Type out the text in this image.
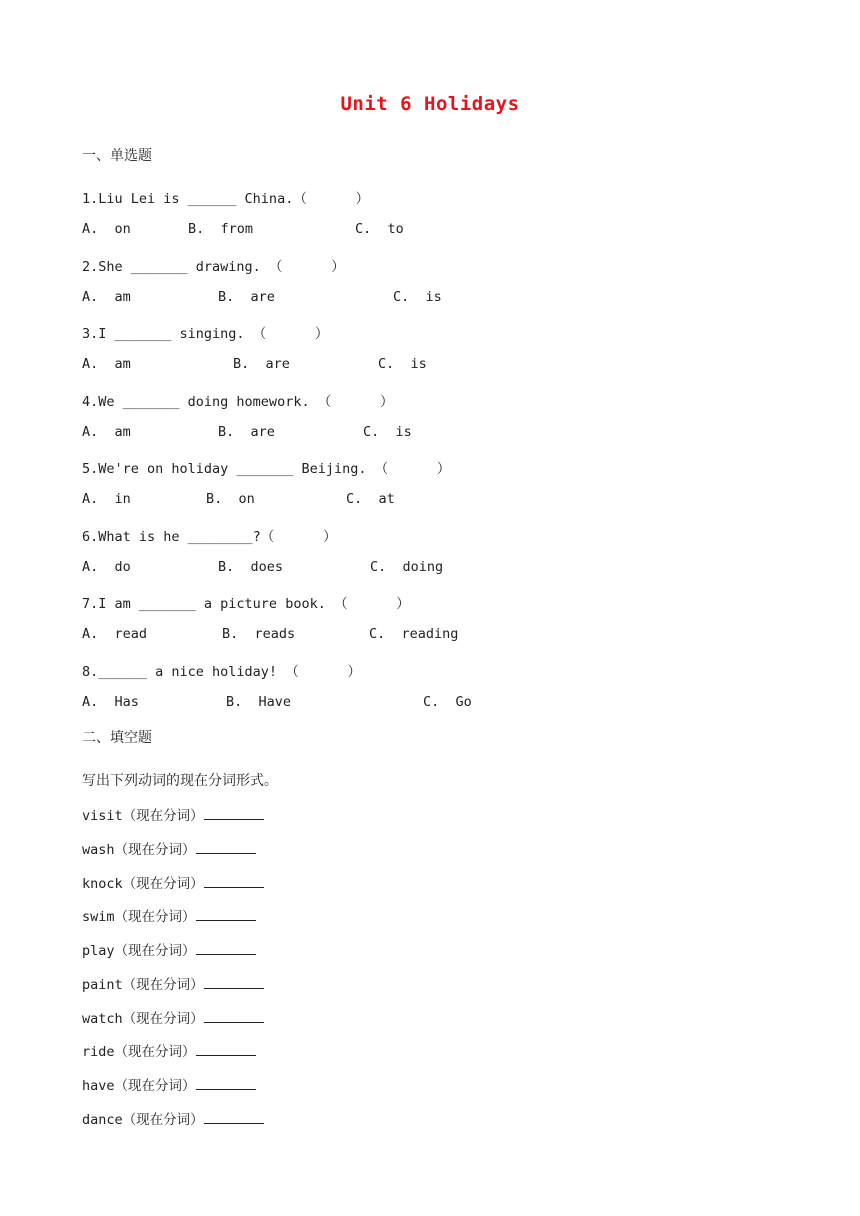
Unit 6 Holidays
一、单选题
1.Liu Lei is ______ China.（      ）
2.She _______ drawing. （      ）
3.I _______ singing. （      ）
4.We _______ doing homework. （      ）
5.We're on holiday _______ Beijing. （      ）
6.What is he ________?（      ）
7.I am _______ a picture book. （      ）
8.______ a nice holiday! （      ）
A.  on	B.  from	C.  to
A.  am	B.  are	C.  is
A.  am	B.  are	C.  is
A.  am	B.  are	C.  is
A.  in	B.  on	C.  at
A.  do	B.  does	C.  doing
A.  read	B.  reads	C.  reading
A.  Has	B.  Have	C.  Go
二、填空题
写出下列动词的现在分词形式。
visit（现在分词）
wash（现在分词）
knock（现在分词）
swim（现在分词）
play（现在分词）
paint（现在分词）
watch（现在分词）
ride（现在分词）
have（现在分词）
dance（现在分词）
